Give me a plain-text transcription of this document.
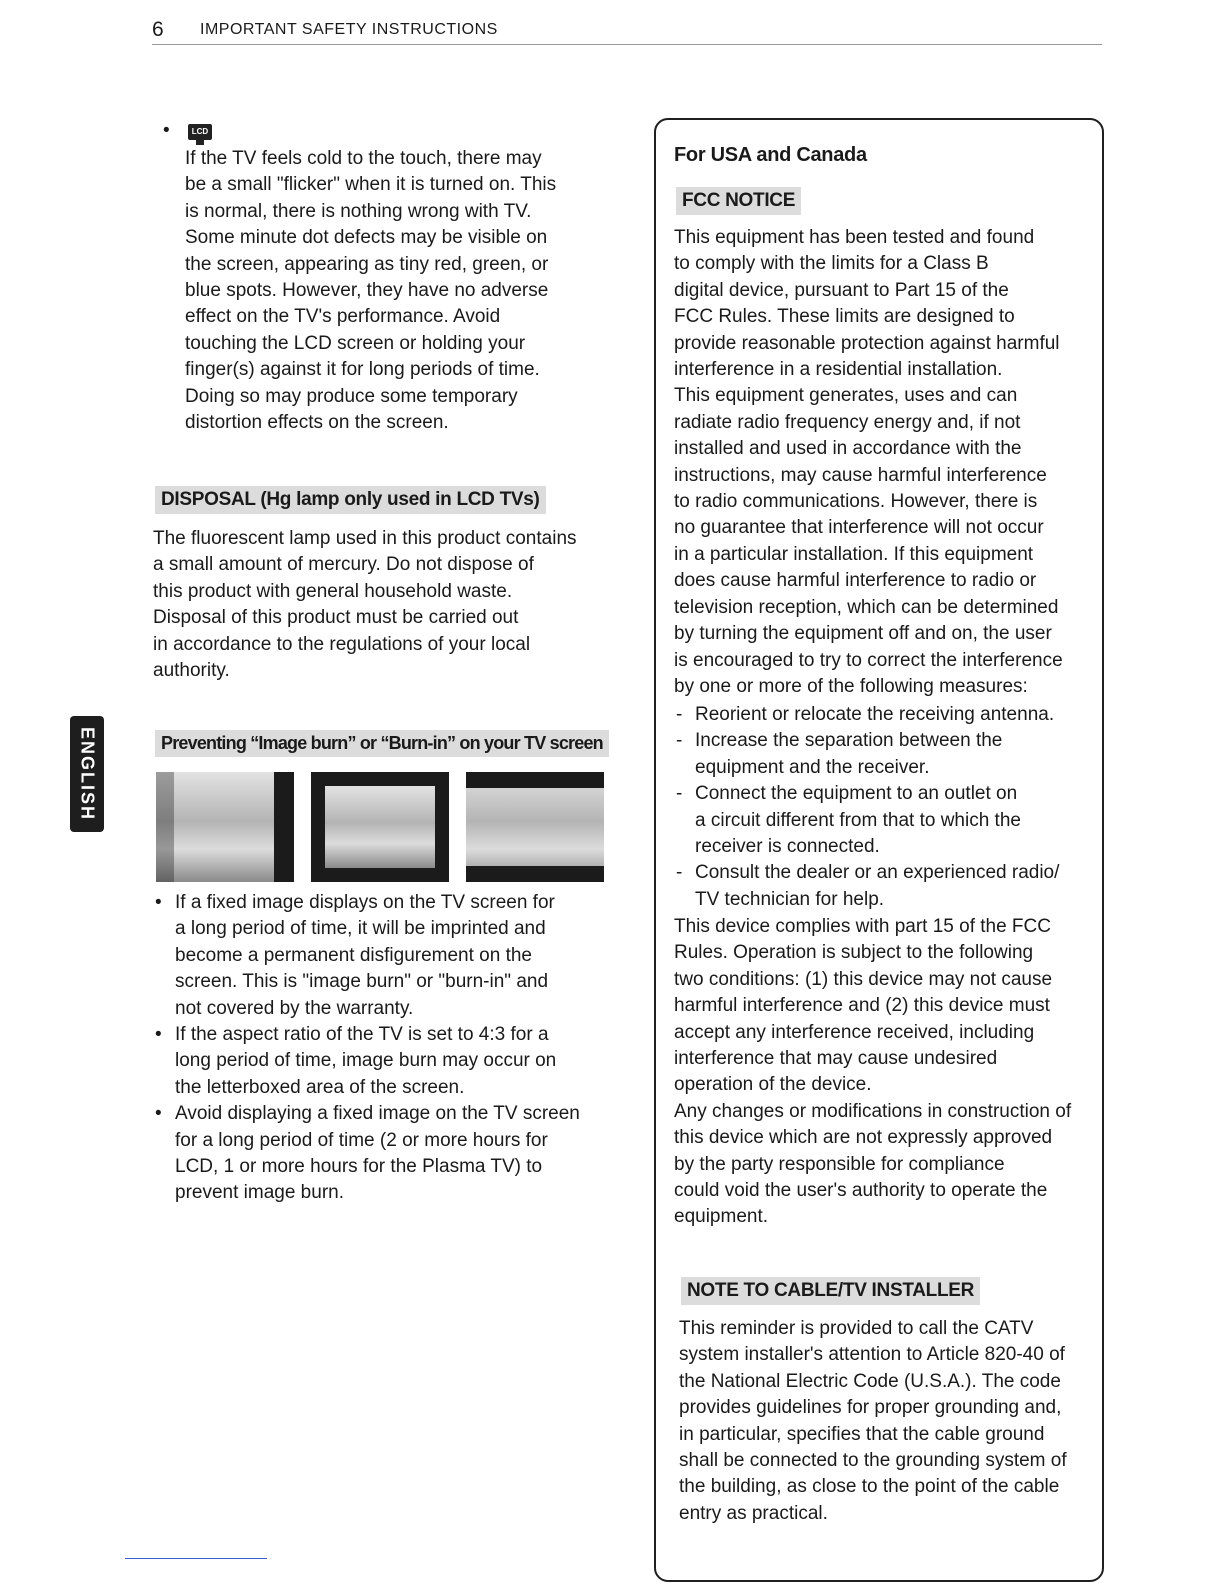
6 IMPORTANT SAFETY INSTRUCTIONS
ENGLISH
•	LCD
If the TV feels cold to the touch, there may
be a small "flicker" when it is turned on. This
is normal, there is nothing wrong with TV.
Some minute dot defects may be visible on
the screen, appearing as tiny red, green, or
blue spots. However, they have no adverse
effect on the TV's performance. Avoid
touching the LCD screen or holding your
finger(s) against it for long periods of time.
Doing so may produce some temporary
distortion effects on the screen.
DISPOSAL (Hg lamp only used in LCD TVs)
The fluorescent lamp used in this product contains
a small amount of mercury. Do not dispose of
this product with general household waste.
Disposal of this product must be carried out
in accordance to the regulations of your local
authority.
Preventing “Image burn” or “Burn-in” on your TV screen
• If a fixed image displays on the TV screen for
a long period of time, it will be imprinted and
become a permanent disfigurement on the
screen. This is "image burn" or "burn-in" and
not covered by the warranty.
• If the aspect ratio of the TV is set to 4:3 for a
long period of time, image burn may occur on
the letterboxed area of the screen.
• Avoid displaying a fixed image on the TV screen
for a long period of time (2 or more hours for
LCD, 1 or more hours for the Plasma TV) to
prevent image burn.
For USA and Canada
FCC NOTICE
This equipment has been tested and found
to comply with the limits for a Class B
digital device, pursuant to Part 15 of the
FCC Rules. These limits are designed to
provide reasonable protection against harmful
interference in a residential installation.
This equipment generates, uses and can
radiate radio frequency energy and, if not
installed and used in accordance with the
instructions, may cause harmful interference
to radio communications. However, there is
no guarantee that interference will not occur
in a particular installation. If this equipment
does cause harmful interference to radio or
television reception, which can be determined
by turning the equipment off and on, the user
is encouraged to try to correct the interference
by one or more of the following measures:
- Reorient or relocate the receiving antenna.
- Increase the separation between the
equipment and the receiver.
- Connect the equipment to an outlet on
a circuit different from that to which the
receiver is connected.
- Consult the dealer or an experienced radio/
TV technician for help.
This device complies with part 15 of the FCC
Rules. Operation is subject to the following
two conditions: (1) this device may not cause
harmful interference and (2) this device must
accept any interference received, including
interference that may cause undesired
operation of the device.
Any changes or modifications in construction of
this device which are not expressly approved
by the party responsible for compliance
could void the user's authority to operate the
equipment.
NOTE TO CABLE/TV INSTALLER
This reminder is provided to call the CATV
system installer's attention to Article 820-40 of
the National Electric Code (U.S.A.). The code
provides guidelines for proper grounding and,
in particular, specifies that the cable ground
shall be connected to the grounding system of
the building, as close to the point of the cable
entry as practical.
